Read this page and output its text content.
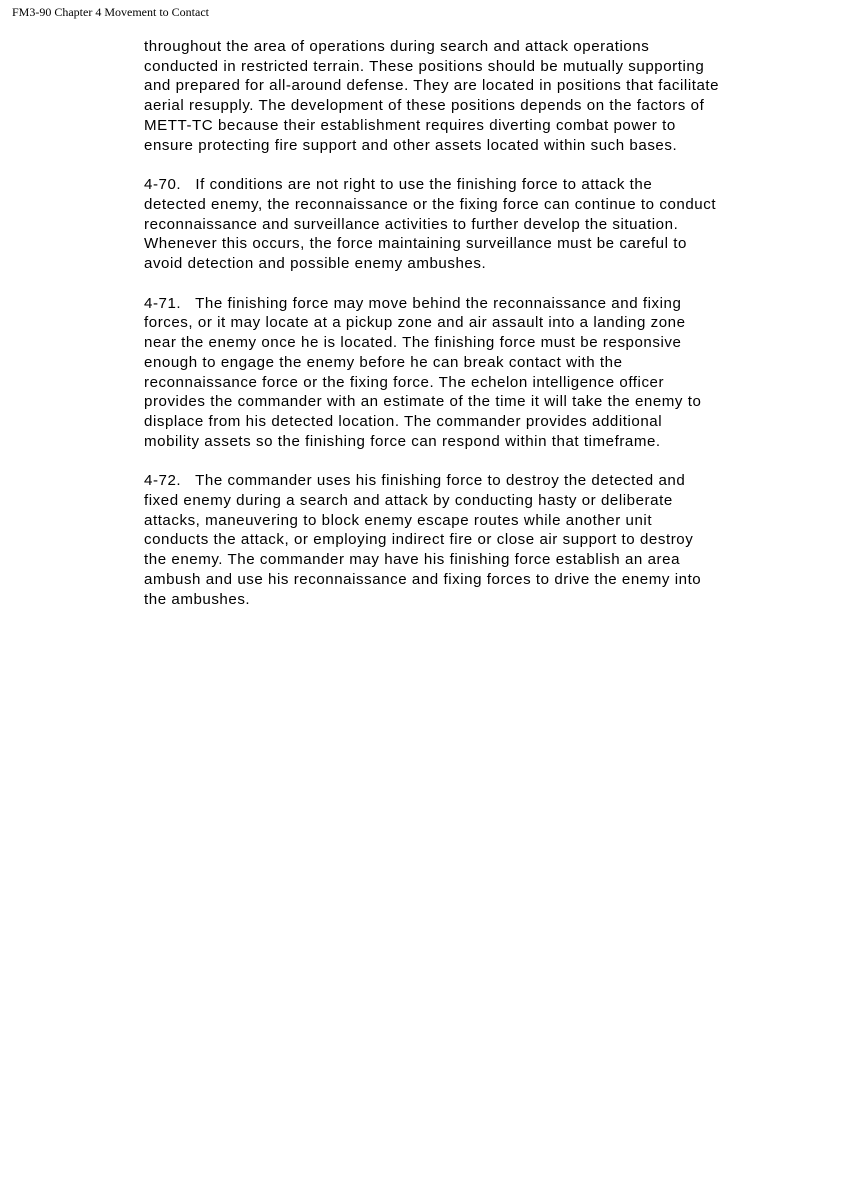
FM3-90 Chapter 4 Movement to Contact
throughout the area of operations during search and attack operations
conducted in restricted terrain. These positions should be mutually supporting
and prepared for all-around defense. They are located in positions that facilitate
aerial resupply. The development of these positions depends on the factors of
METT-TC because their establishment requires diverting combat power to
ensure protecting fire support and other assets located within such bases.
4-70.   If conditions are not right to use the finishing force to attack the
detected enemy, the reconnaissance or the fixing force can continue to conduct
reconnaissance and surveillance activities to further develop the situation.
Whenever this occurs, the force maintaining surveillance must be careful to
avoid detection and possible enemy ambushes.
4-71.   The finishing force may move behind the reconnaissance and fixing
forces, or it may locate at a pickup zone and air assault into a landing zone
near the enemy once he is located. The finishing force must be responsive
enough to engage the enemy before he can break contact with the
reconnaissance force or the fixing force. The echelon intelligence officer
provides the commander with an estimate of the time it will take the enemy to
displace from his detected location. The commander provides additional
mobility assets so the finishing force can respond within that timeframe.
4-72.   The commander uses his finishing force to destroy the detected and
fixed enemy during a search and attack by conducting hasty or deliberate
attacks, maneuvering to block enemy escape routes while another unit
conducts the attack, or employing indirect fire or close air support to destroy
the enemy. The commander may have his finishing force establish an area
ambush and use his reconnaissance and fixing forces to drive the enemy into
the ambushes.
